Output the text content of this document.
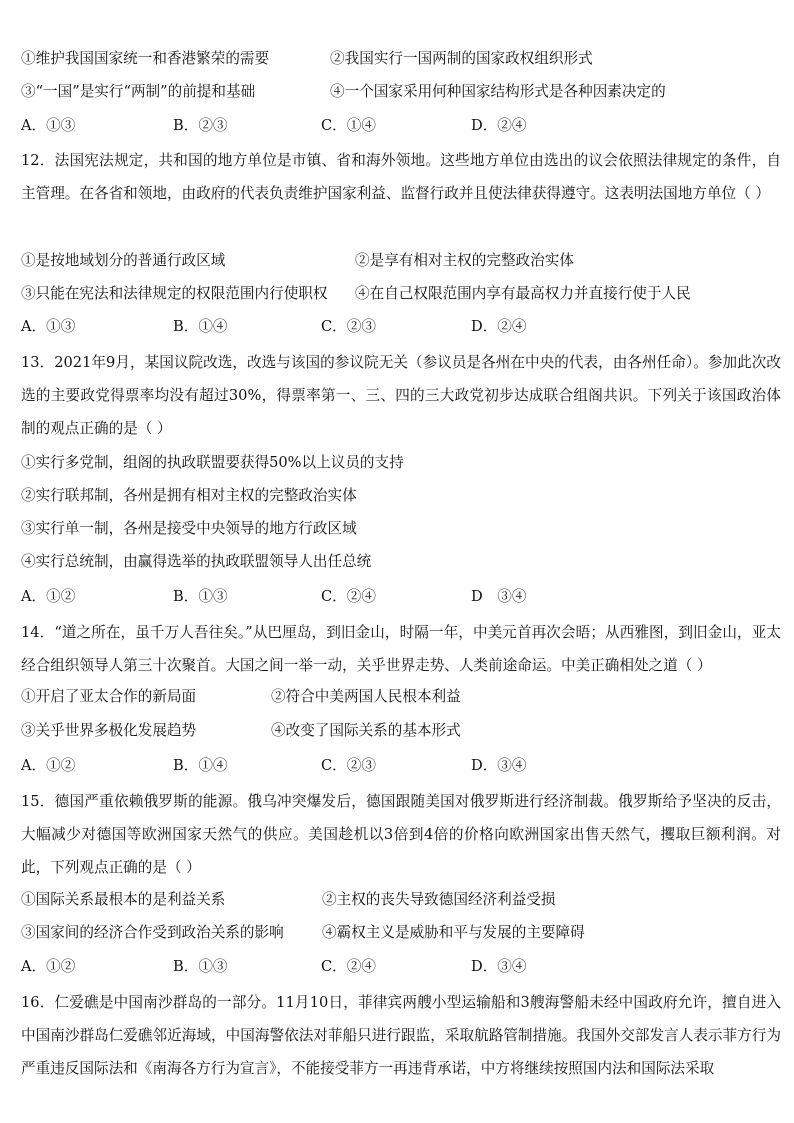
①维护我国国家统一和香港繁荣的需要	②我国实行一国两制的国家政权组织形式
③“一国”是实行“两制”的前提和基础	④一个国家采用何种国家结构形式是各种因素决定的
A．①③	B．②③	C．①④	D．②④
12．法国宪法规定，共和国的地方单位是市镇、省和海外领地。这些地方单位由选出的议会依照法律规定的条件，自主管理。在各省和领地，由政府的代表负责维护国家利益、监督行政并且使法律获得遵守。这表明法国地方单位（ ）
①是按地域划分的普通行政区域	②是享有相对主权的完整政治实体
③只能在宪法和法律规定的权限范围内行使职权 ④在自己权限范围内享有最高权力并直接行使于人民
A．①③	B．①④	C．②③	D．②④
13．2021年9月，某国议院改选，改选与该国的参议院无关（参议员是各州在中央的代表，由各州任命）。参加此次改选的主要政党得票率均没有超过30%，得票率第一、三、四的三大政党初步达成联合组阁共识。下列关于该国政治体制的观点正确的是（ ）
①实行多党制，组阁的执政联盟要获得50%以上议员的支持
②实行联邦制，各州是拥有相对主权的完整政治实体
③实行单一制，各州是接受中央领导的地方行政区域
④实行总统制，由赢得选举的执政联盟领导人出任总统
A．①②	B．①③	C．②④	D　③④
14．“道之所在，虽千万人吾往矣。”从巴厘岛，到旧金山，时隔一年，中美元首再次会晤；从西雅图，到旧金山，亚太经合组织领导人第三十次聚首。大国之间一举一动，关乎世界走势、人类前途命运。中美正确相处之道（ ）
①开启了亚太合作的新局面	②符合中美两国人民根本利益
③关乎世界多极化发展趋势	④改变了国际关系的基本形式
A．①②	B．①④	C．②③	D．③④
15．德国严重依赖俄罗斯的能源。俄乌冲突爆发后，德国跟随美国对俄罗斯进行经济制裁。俄罗斯给予坚决的反击，大幅减少对德国等欧洲国家天然气的供应。美国趁机以3倍到4倍的价格向欧洲国家出售天然气，攫取巨额利润。对此，下列观点正确的是（ ）
①国际关系最根本的是利益关系	②主权的丧失导致德国经济利益受损
③国家间的经济合作受到政治关系的影响	④霸权主义是威胁和平与发展的主要障碍
A．①②	B．①③	C．②④	D．③④
16．仁爱礁是中国南沙群岛的一部分。11月10日，菲律宾两艘小型运输船和3艘海警船未经中国政府允许，擅自进入中国南沙群岛仁爱礁邻近海域，中国海警依法对菲船只进行跟监，采取航路管制措施。我国外交部发言人表示菲方行为严重违反国际法和《南海各方行为宣言》，不能接受菲方一再违背承诺，中方将继续按照国内法和国际法采取
